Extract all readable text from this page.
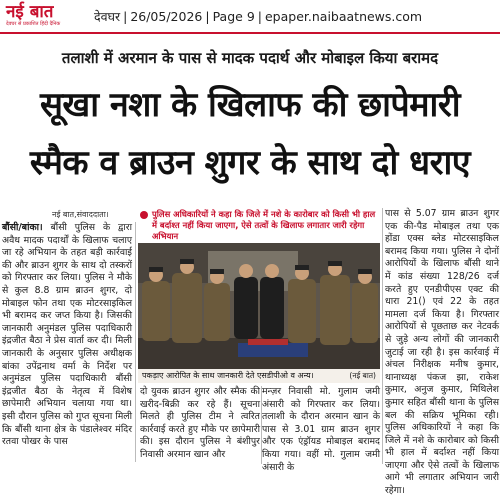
नई बात
देवघर से प्रकाशित हिंदी दैनिक
देवघर | 26/05/2026 | Page 9 | epaper.naibaatnews.com
तलाशी में अरमान के पास से मादक पदार्थ और मोबाइल किया बरामद
सूखा नशा के खिलाफ की छापेमारी
स्मैक व ब्राउन शुगर के साथ दो धराए
नई बात,संवाददाता।
बौंसी/बांका। बौंसी पुलिस के द्वारा अवैध मादक पदार्थों के खिलाफ चलाए जा रहे अभियान के तहत बड़ी कार्रवाई की और ब्राउन शुगर के साथ दो तस्करों को गिरफ्तार कर लिया। पुलिस ने मौके से कुल 8.8 ग्राम ब्राउन शुगर, दो मोबाइल फोन तथा एक मोटरसाइकिल भी बरामद कर जप्त किया है। जिसकी जानकारी अनुमंडल पुलिस पदाधिकारी इंद्रजीत बैठा ने प्रेस वार्ता कर दी। मिली जानकारी के अनुसार पुलिस अधीक्षक बांका उपेंद्रनाथ वर्मा के निर्देश पर अनुमंडल पुलिस पदाधिकारी बौंसी इंद्रजीत बैठा के नेतृत्व में विशेष छापेमारी अभियान चलाया गया था। इसी दौरान पुलिस को गुप्त सूचना मिली कि बौंसी थाना क्षेत्र के पंडालेश्वर मंदिर रतवा पोखर के पास
पुलिस अधिकारियों ने कहा कि जिले में नशे के कारोबार को किसी भी हाल में बर्दाश्त नहीं किया जाएगा, ऐसे तत्वों के खिलाफ लगातार जारी रहेगा अभियान
पकड़ाए आरोपित के साथ जानकारी देते एसडीपीओ व अन्य।	(नई बात)
दो युवक ब्राउन शुगर और स्मैक की खरीद-बिक्री कर रहे हैं। सूचना मिलते ही पुलिस टीम ने त्वरित कार्रवाई करते हुए मौके पर छापेमारी की। इस दौरान पुलिस ने बंशीपुर निवासी अरमान खान और
मन्ज़र निवासी मो. गुलाम जमी अंसारी को गिरफ्तार कर लिया। तलाशी के दौरान अरमान खान के पास से 3.01 ग्राम ब्राउन शुगर और एक एंड्रॉयड मोबाइल बरामद किया गया। वहीं मो. गुलाम जमी अंसारी के
पास से 5.07 ग्राम ब्राउन शुगर एक की-पैड मोबाइल तथा एक होंडा एक्स ब्लेड मोटरसाइकिल बरामद किया गया। पुलिस ने दोनों आरोपियों के खिलाफ बौंसी थाने में कांड संख्या 128/26 दर्ज करते हुए एनडीपीएस एक्ट की धारा 21() एवं 22 के तहत मामला दर्ज किया है। गिरफ्तार आरोपियों से पूछताछ कर नेटवर्क से जुड़े अन्य लोगों की जानकारी जुटाई जा रही है। इस कार्रवाई में अंचल निरीक्षक मनीष कुमार, थानाध्यक्ष पंकज झा, राकेश कुमार, अनुज कुमार, मिथिलेश कुमार सहित बौंसी थाना के पुलिस बल की सक्रिय भूमिका रही। पुलिस अधिकारियों ने कहा कि जिले में नशे के कारोबार को किसी भी हाल में बर्दाश्त नहीं किया जाएगा और ऐसे तत्वों के खिलाफ आगे भी लगातार अभियान जारी रहेगा।
